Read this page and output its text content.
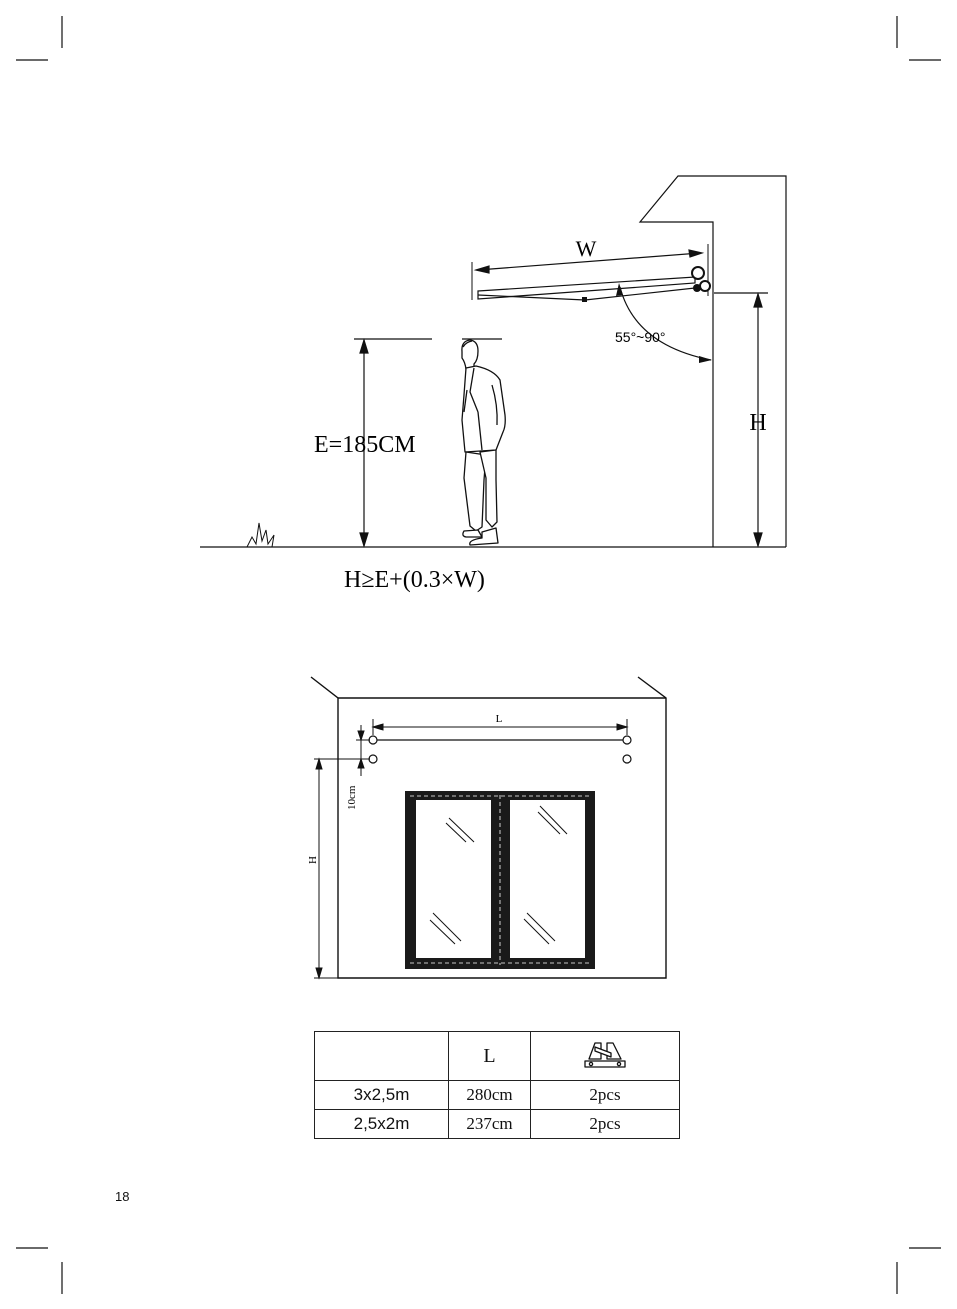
W
55°~90°
H
E=185CM
H≥E+(0.3×W)
L
10cm
H
	L	
3x2,5m	280cm	2pcs
2,5x2m	237cm	2pcs
18
